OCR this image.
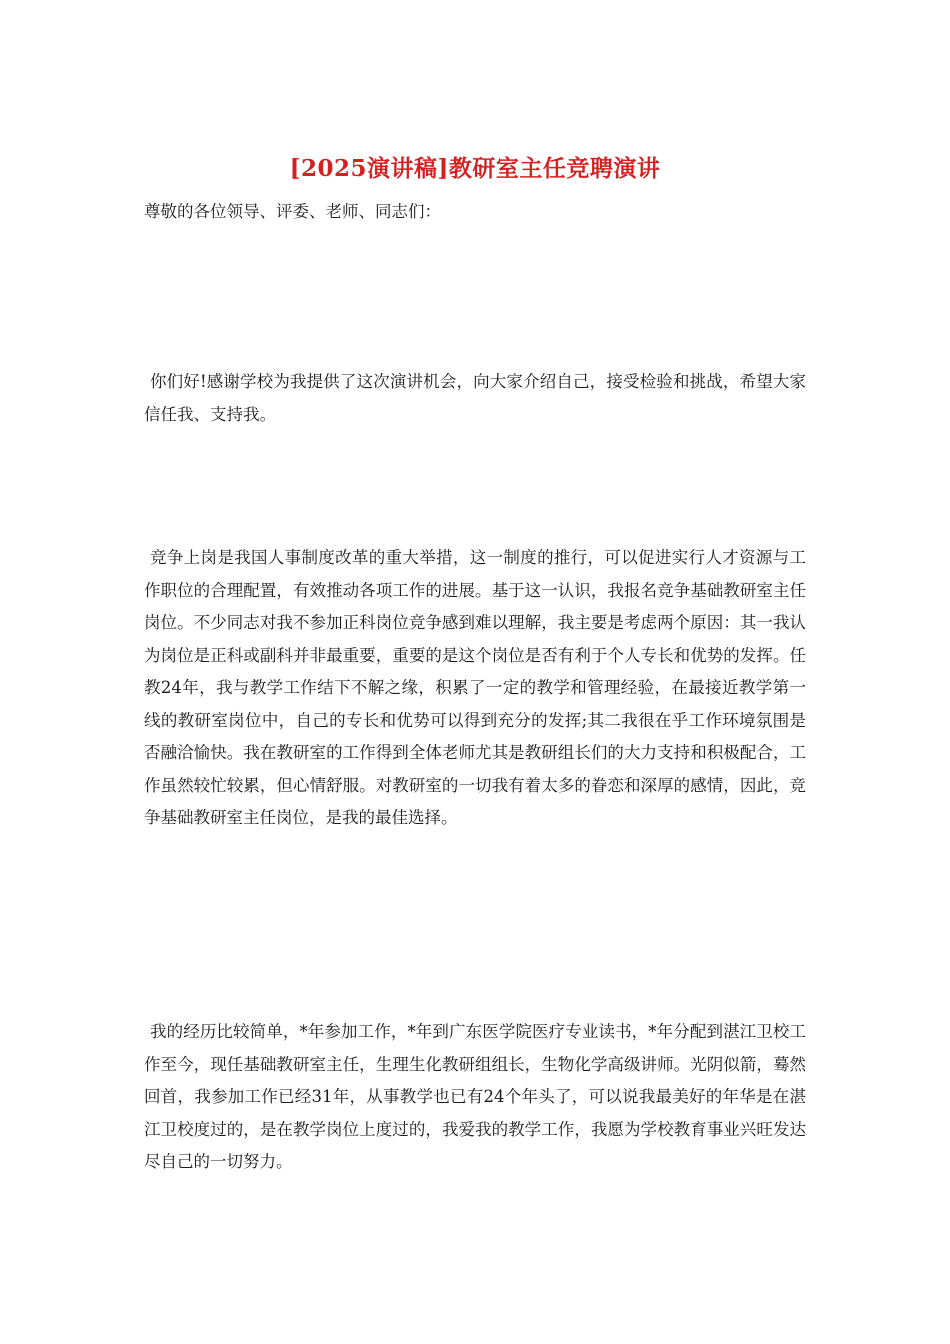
[2025演讲稿]教研室主任竞聘演讲
尊敬的各位领导、评委、老师、同志们：

你们好!感谢学校为我提供了这次演讲机会，向大家介绍自己，接受检验和挑战，希望大家信任我、支持我。

竞争上岗是我国人事制度改革的重大举措，这一制度的推行，可以促进实行人才资源与工作职位的合理配置，有效推动各项工作的进展。基于这一认识，我报名竞争基础教研室主任岗位。不少同志对我不参加正科岗位竞争感到难以理解，我主要是考虑两个原因：其一我认为岗位是正科或副科并非最重要，重要的是这个岗位是否有利于个人专长和优势的发挥。任教24年，我与教学工作结下不解之缘，积累了一定的教学和管理经验，在最接近教学第一线的教研室岗位中，自己的专长和优势可以得到充分的发挥;其二我很在乎工作环境氛围是否融洽愉快。我在教研室的工作得到全体老师尤其是教研组长们的大力支持和积极配合，工作虽然较忙较累，但心情舒服。对教研室的一切我有着太多的眷恋和深厚的感情，因此，竞争基础教研室主任岗位，是我的最佳选择。

我的经历比较简单，*年参加工作，*年到广东医学院医疗专业读书，*年分配到湛江卫校工作至今，现任基础教研室主任，生理生化教研组组长，生物化学高级讲师。光阴似箭，蓦然回首，我参加工作已经31年，从事教学也已有24个年头了，可以说我最美好的年华是在湛江卫校度过的，是在教学岗位上度过的，我爱我的教学工作，我愿为学校教育事业兴旺发达尽自己的一切努力。
